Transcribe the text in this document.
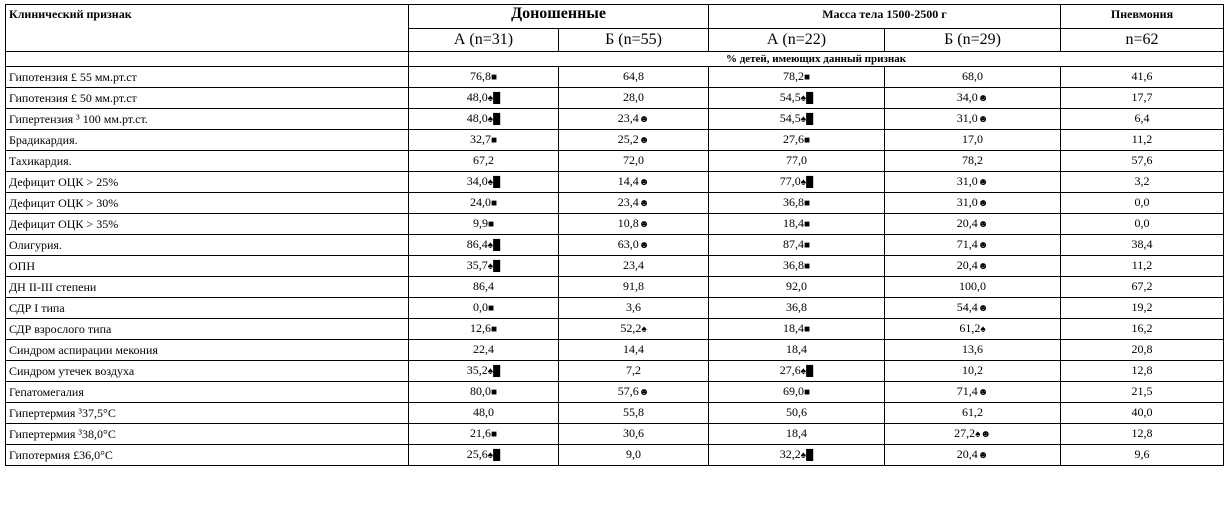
Клинический признак	Доношенные		Масса тела 1500-2500 г		Пневмония
	А (n=31)	Б (n=55)	А (n=22)	Б (n=29)	n=62
	% детей, имеющих данный признак				
Гипотензия £ 55 мм.рт.ст	76,8■	64,8	78,2■	68,0	41,6
Гипотензия £ 50 мм.рт.ст	48,0♠█	28,0	54,5♠█	34,0☻	17,7
Гипертензия ³ 100 мм.рт.ст.	48,0♠█	23,4☻	54,5♠█	31,0☻	6,4
Брадикардия.	32,7■	25,2☻	27,6■	17,0	11,2
Тахикардия.	67,2	72,0	77,0	78,2	57,6
Дефицит ОЦК > 25%	34,0♠█	14,4☻	77,0♠█	31,0☻	3,2
Дефицит ОЦК > 30%	24,0■	23,4☻	36,8■	31,0☻	0,0
Дефицит ОЦК > 35%	9,9■	10,8☻	18,4■	20,4☻	0,0
Олигурия.	86,4♠█	63,0☻	87,4■	71,4☻	38,4
ОПН	35,7♠█	23,4	36,8■	20,4☻	11,2
ДН II-III степени	86,4	91,8	92,0	100,0	67,2
СДР I типа	0,0■	3,6	36,8	54,4☻	19,2
СДР взрослого типа	12,6■	52,2♠	18,4■	61,2♠	16,2
Синдром аспирации мекония	22,4	14,4	18,4	13,6	20,8
Синдром утечек воздуха	35,2♠█	7,2	27,6♠█	10,2	12,8
Гепатомегалия	80,0■	57,6☻	69,0■	71,4☻	21,5
Гипертермия ³37,5°С	48,0	55,8	50,6	61,2	40,0
Гипертермия ³38,0°С	21,6■	30,6	18,4	27,2♠☻	12,8
Гипотермия £36,0°С	25,6♠█	9,0	32,2♠█	20,4☻	9,6
